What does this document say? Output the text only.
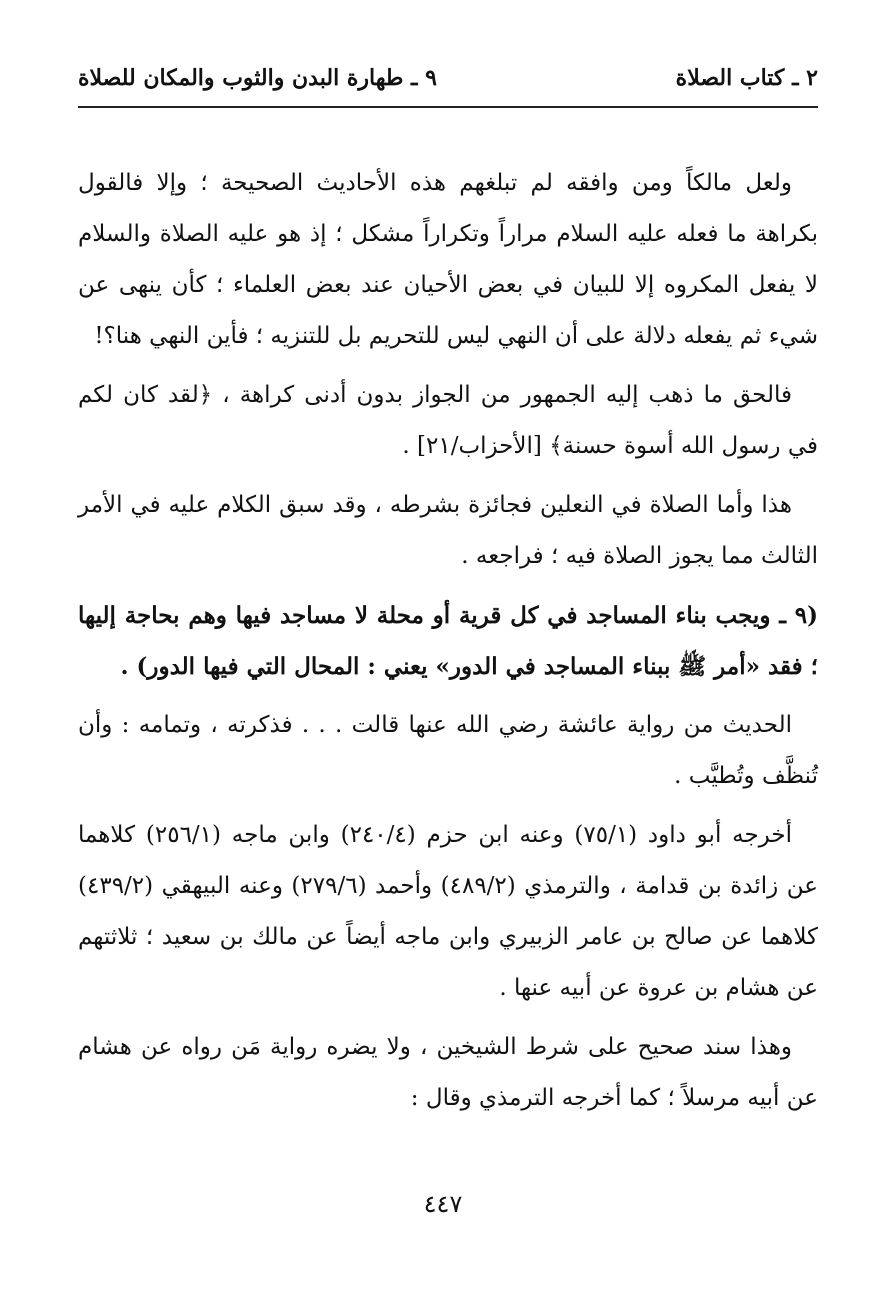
٢ ـ كتاب الصلاة
٩ ـ طهارة البدن والثوب والمكان للصلاة

ولعل مالكاً ومن وافقه لم تبلغهم هذه الأحاديث الصحيحة ؛ وإلا فالقول بكراهة ما فعله عليه السلام مراراً وتكراراً مشكل ؛ إذ هو عليه الصلاة والسلام لا يفعل المكروه إلا للبيان في بعض الأحيان عند بعض العلماء ؛ كأن ينهى عن شيء ثم يفعله دلالة على أن النهي ليس للتحريم بل للتنزيه ؛ فأين النهي هنا؟!

فالحق ما ذهب إليه الجمهور من الجواز بدون أدنى كراهة ، ﴿لقد كان لكم في رسول الله أسوة حسنة﴾ [الأحزاب/٢١] .

هذا وأما الصلاة في النعلين فجائزة بشرطه ، وقد سبق الكلام عليه في الأمر الثالث مما يجوز الصلاة فيه ؛ فراجعه .

(٩ ـ ويجب بناء المساجد في كل قرية أو محلة لا مساجد فيها وهم بحاجة إليها ؛ فقد «أمر ﷺ ببناء المساجد في الدور» يعني : المحال التي فيها الدور) .

الحديث من رواية عائشة رضي الله عنها قالت . . . فذكرته ، وتمامه : وأن تُنظَّف وتُطيَّب .

أخرجه أبو داود (٧٥/١) وعنه ابن حزم (٢٤٠/٤) وابن ماجه (٢٥٦/١) كلاهما عن زائدة بن قدامة ، والترمذي (٤٨٩/٢) وأحمد (٢٧٩/٦) وعنه البيهقي (٤٣٩/٢) كلاهما عن صالح بن عامر الزبيري وابن ماجه أيضاً عن مالك بن سعيد ؛ ثلاثتهم عن هشام بن عروة عن أبيه عنها .

وهذا سند صحيح على شرط الشيخين ، ولا يضره رواية مَن رواه عن هشام عن أبيه مرسلاً ؛ كما أخرجه الترمذي وقال :

٤٤٧
